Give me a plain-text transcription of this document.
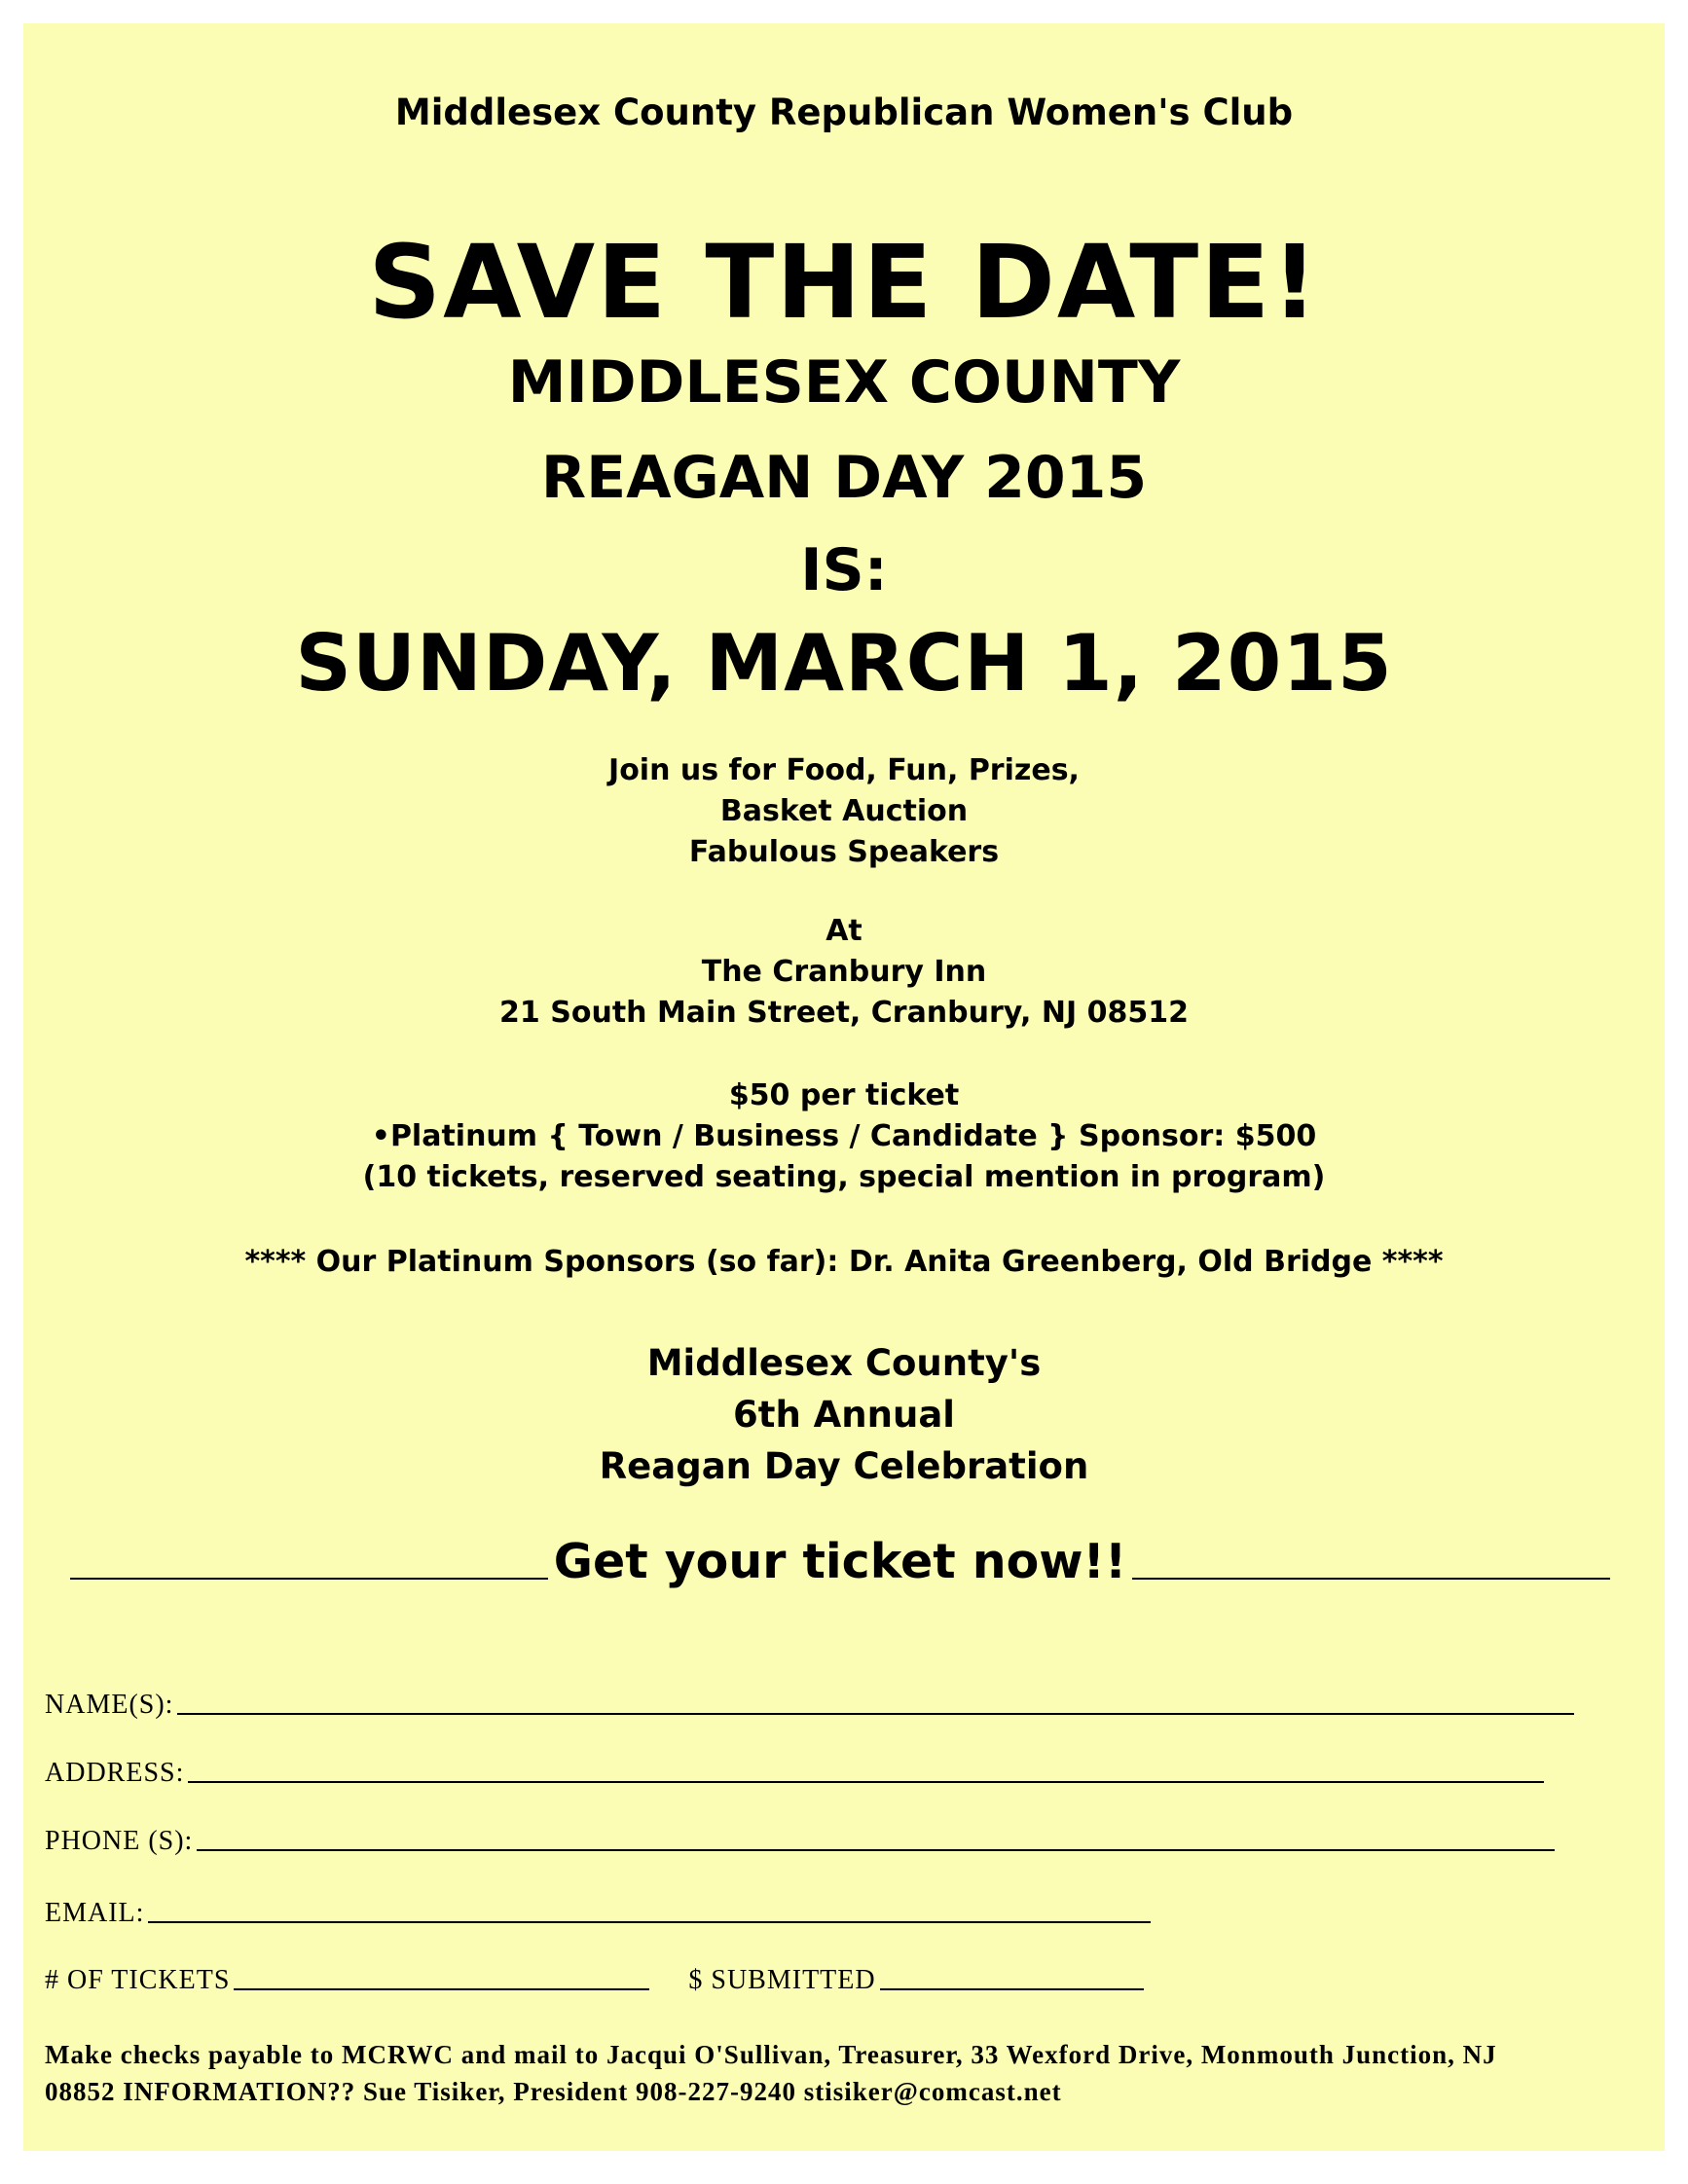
Middlesex County Republican Women's Club
SAVE THE DATE!
MIDDLESEX COUNTY
REAGAN DAY 2015
IS:
SUNDAY, MARCH 1, 2015
Join us for Food, Fun, Prizes,
Basket Auction
Fabulous Speakers
At
The Cranbury Inn
21 South Main Street, Cranbury, NJ 08512
$50 per ticket
•Platinum { Town / Business / Candidate } Sponsor: $500
(10 tickets, reserved seating, special mention in program)
**** Our Platinum Sponsors (so far): Dr. Anita Greenberg, Old Bridge ****
Middlesex County's
6th Annual
Reagan Day Celebration
Get your ticket now!!
NAME(S):
ADDRESS:
PHONE (S):
EMAIL:
# OF TICKETS	$ SUBMITTED
Make checks payable to MCRWC and mail to Jacqui O'Sullivan, Treasurer, 33 Wexford Drive, Monmouth Junction, NJ
08852 INFORMATION?? Sue Tisiker, President 908-227-9240 stisiker@comcast.net
